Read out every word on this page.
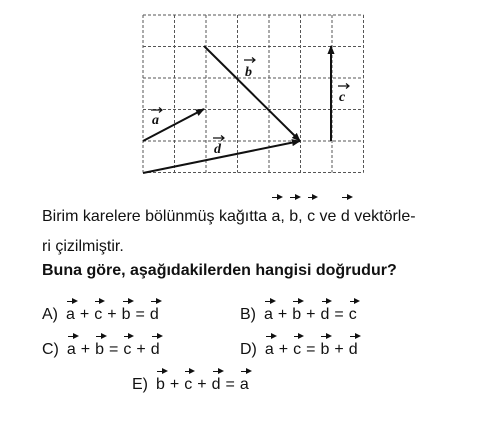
a
b
c
d
Birim karelere bölünmüş kağıtta a, b, c ve d vektörle-
ri çizilmiştir.
Buna göre, aşağıdakilerden hangisi doğrudur?
A) a + c + b = d	B) a + b + d = c
C) a + b = c + d	D) a + c = b + d
E) b + c + d = a
